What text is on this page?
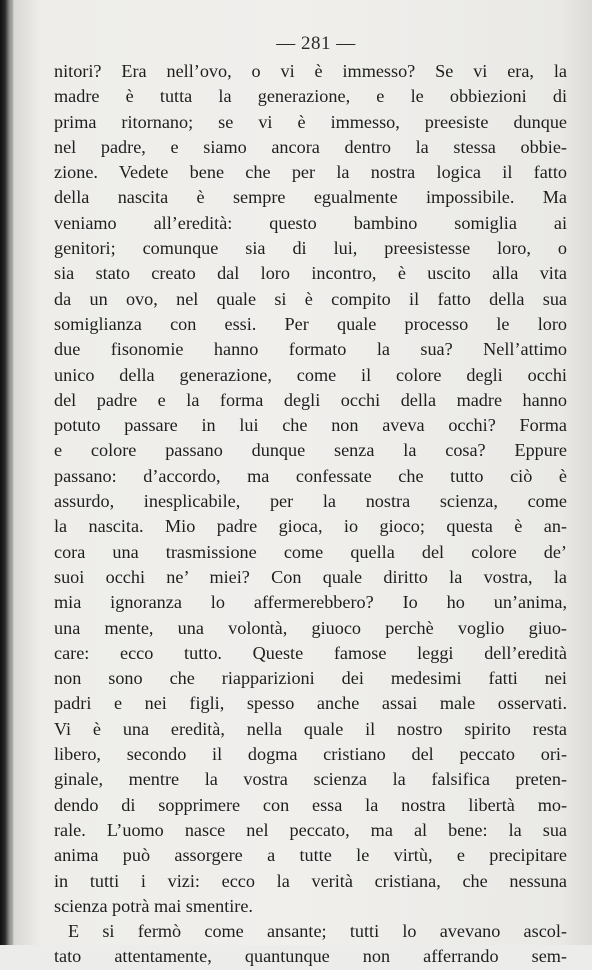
— 281 —
nitori? Era nell’ovo, o vi è immesso? Se vi era, la
madre è tutta la generazione, e le obbiezioni di
prima ritornano; se vi è immesso, preesiste dunque
nel padre, e siamo ancora dentro la stessa obbie-
zione. Vedete bene che per la nostra logica il fatto
della nascita è sempre egualmente impossibile. Ma
veniamo all’eredità: questo bambino somiglia ai
genitori; comunque sia di lui, preesistesse loro, o
sia stato creato dal loro incontro, è uscito alla vita
da un ovo, nel quale si è compito il fatto della sua
somiglianza con essi. Per quale processo le loro
due fisonomie hanno formato la sua? Nell’attimo
unico della generazione, come il colore degli occhi
del padre e la forma degli occhi della madre hanno
potuto passare in lui che non aveva occhi? Forma
e colore passano dunque senza la cosa? Eppure
passano: d’accordo, ma confessate che tutto ciò è
assurdo, inesplicabile, per la nostra scienza, come
la nascita. Mio padre gioca, io gioco; questa è an-
cora una trasmissione come quella del colore de’
suoi occhi ne’ miei? Con quale diritto la vostra, la
mia ignoranza lo affermerebbero? Io ho un’anima,
una mente, una volontà, giuoco perchè voglio giuo-
care: ecco tutto. Queste famose leggi dell’eredità
non sono che riapparizioni dei medesimi fatti nei
padri e nei figli, spesso anche assai male osservati.
Vi è una eredità, nella quale il nostro spirito resta
libero, secondo il dogma cristiano del peccato ori-
ginale, mentre la vostra scienza la falsifica preten-
dendo di sopprimere con essa la nostra libertà mo-
rale. L’uomo nasce nel peccato, ma al bene: la sua
anima può assorgere a tutte le virtù, e precipitare
in tutti i vizi: ecco la verità cristiana, che nessuna
scienza potrà mai smentire.
E si fermò come ansante; tutti lo avevano ascol-
tato attentamente, quantunque non afferrando sem-
